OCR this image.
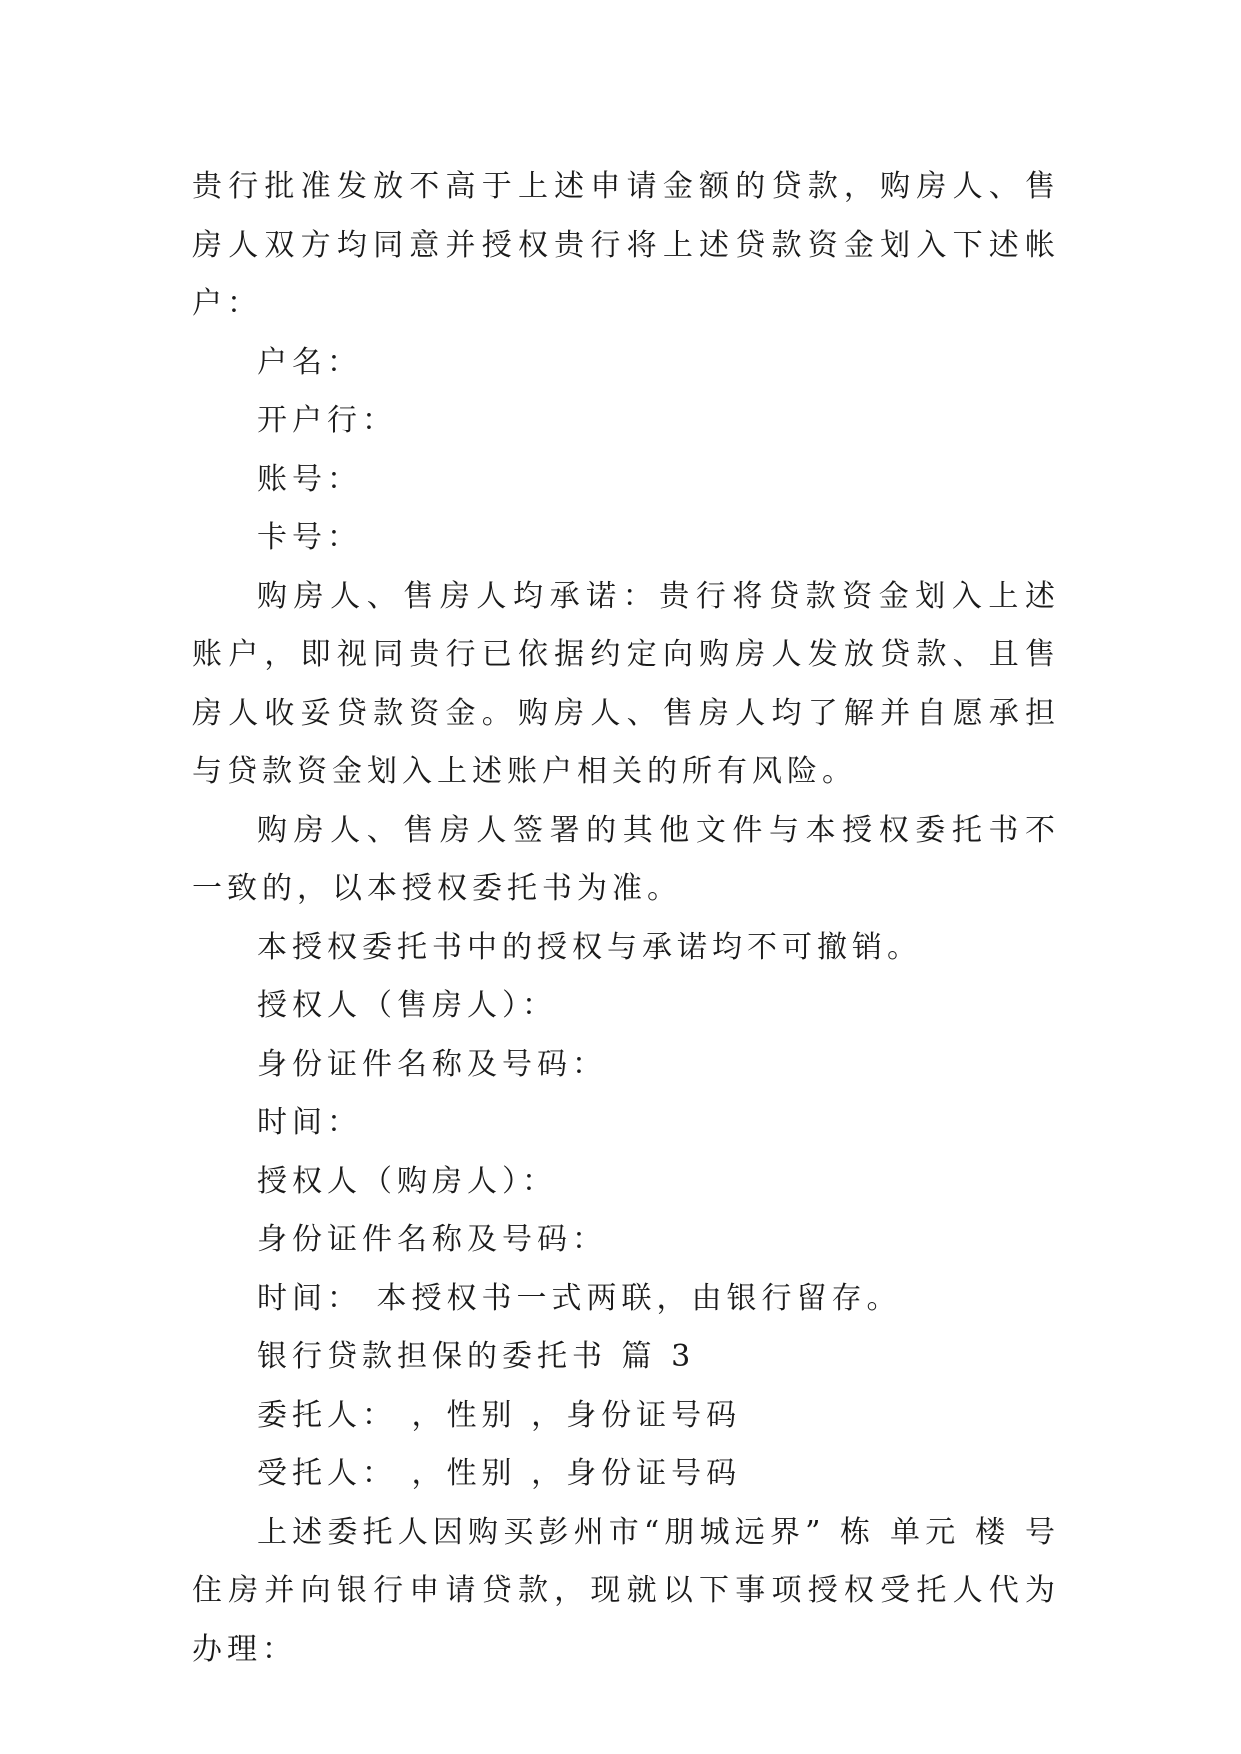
贵行批准发放不高于上述申请金额的贷款，购房人、售房人双方均同意并授权贵行将上述贷款资金划入下述帐户：

户名：

开户行：

账号：

卡号：

购房人、售房人均承诺：贵行将贷款资金划入上述账户，即视同贵行已依据约定向购房人发放贷款、且售房人收妥贷款资金。购房人、售房人均了解并自愿承担与贷款资金划入上述账户相关的所有风险。

购房人、售房人签署的其他文件与本授权委托书不一致的，以本授权委托书为准。

本授权委托书中的授权与承诺均不可撤销。

授权人（售房人）：

身份证件名称及号码：

时间：

授权人（购房人）：

身份证件名称及号码：

时间： 本授权书一式两联，由银行留存。

银行贷款担保的委托书 篇 3

委托人： ，性别 ，身份证号码

受托人： ，性别 ，身份证号码

上述委托人因购买彭州市“朋城远界” 栋 单元 楼 号住房并向银行申请贷款，现就以下事项授权受托人代为办理：
